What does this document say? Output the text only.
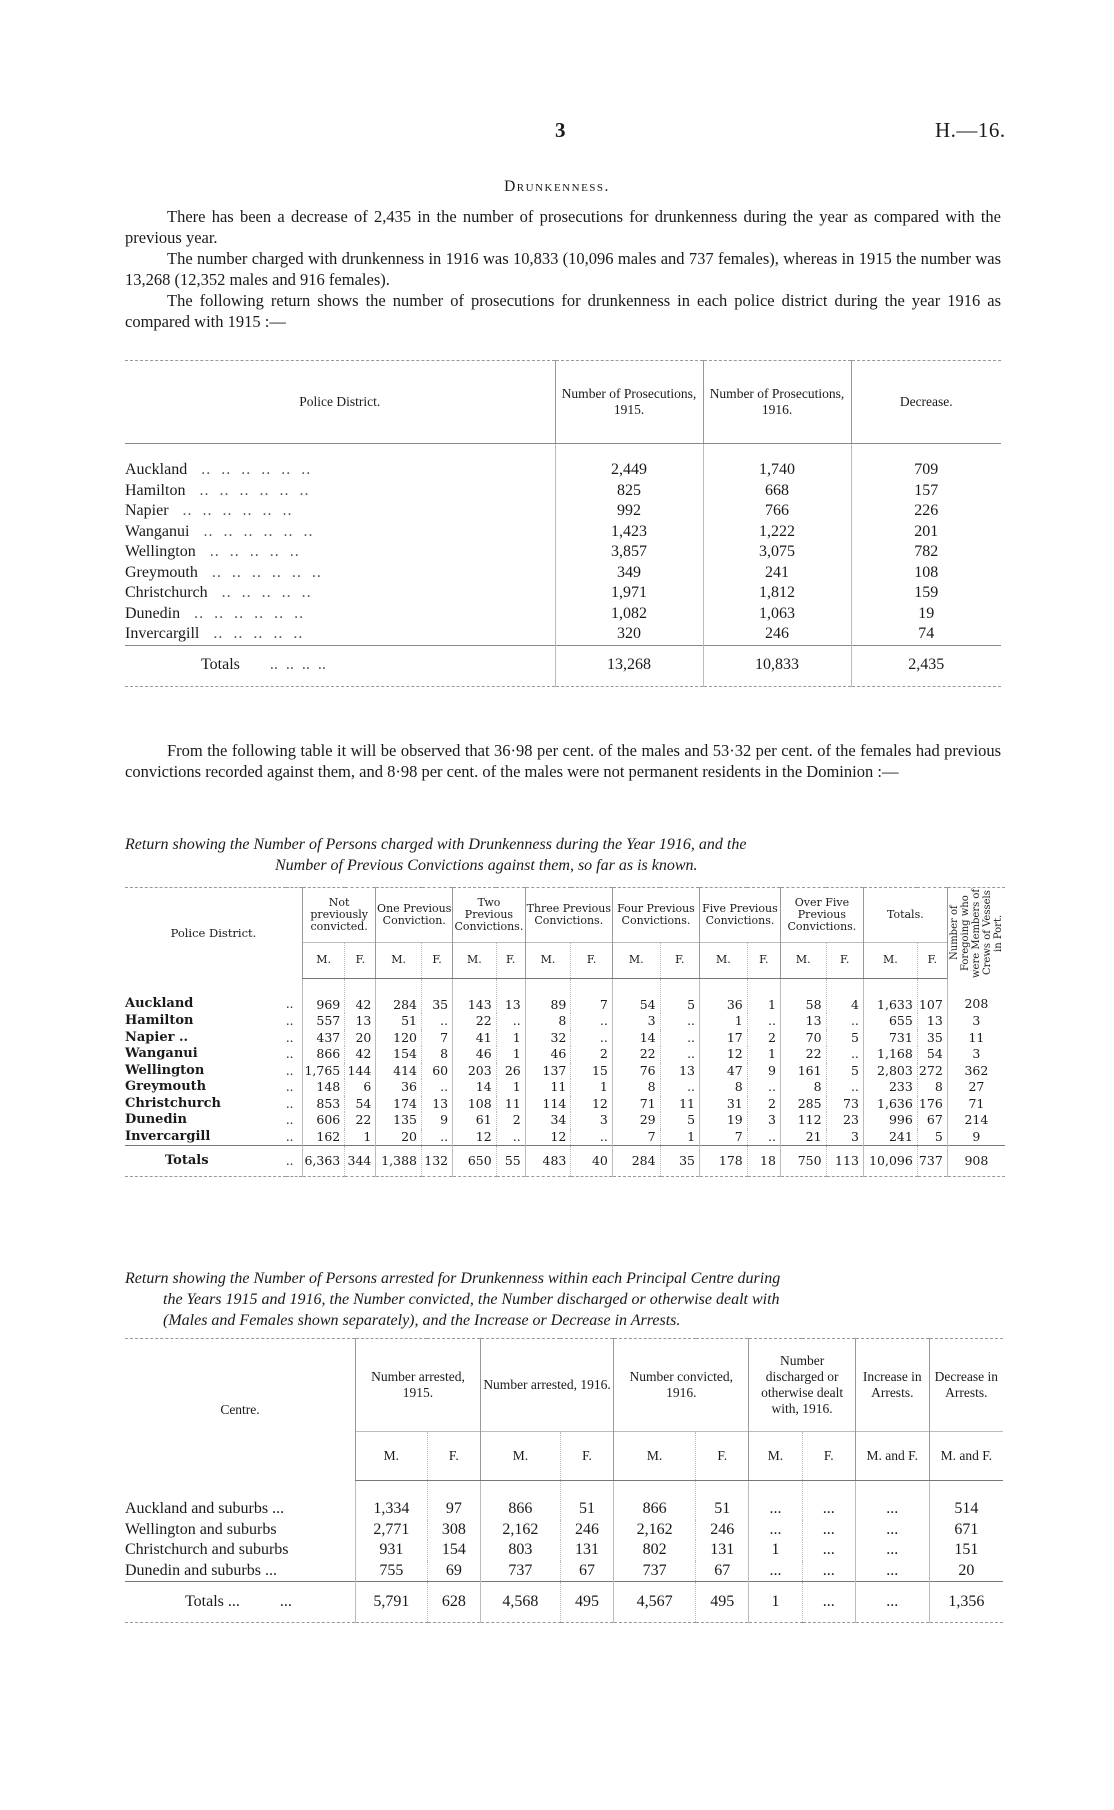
3	H.—16.
Drunkenness.

There has been a decrease of 2,435 in the number of prosecutions for drunkenness during the year as compared with the previous year.

The number charged with drunkenness in 1916 was 10,833 (10,096 males and 737 females), whereas in 1915 the number was 13,268 (12,352 males and 916 females).

The following return shows the number of prosecutions for drunkenness in each police district during the year 1916 as compared with 1915 :—

Police District.	Number of Prosecutions, 1915.	Number of Prosecutions, 1916.	Decrease.
Auckland ..  ..  ..  ..  ..  ..	2,449	1,740	709
Hamilton ..  ..  ..  ..  ..  ..	825	668	157
Napier ..  ..  ..  ..  ..  ..	992	766	226
Wanganui ..  ..  ..  ..  ..  ..	1,423	1,222	201
Wellington ..  ..  ..  ..  ..	3,857	3,075	782
Greymouth ..  ..  ..  ..  ..  ..	349	241	108
Christchurch ..  ..  ..  ..  ..	1,971	1,812	159
Dunedin ..  ..  ..  ..  ..  ..	1,082	1,063	19
Invercargill ..  ..  ..  ..  ..	320	246	74
Totals ..  ..  ..  ..	13,268	10,833	2,435

From the following table it will be observed that 36·98 per cent. of the males and 53·32 per cent. of the females had previous convictions recorded against them, and 8·98 per cent. of the males were not permanent residents in the Dominion :—

Return showing the Number of Persons charged with Drunkenness during the Year 1916, and the
Number of Previous Convictions against them, so far as is known.
Police District.		Not previously convicted.		One Previous Conviction.		Two Previous Convictions.		Three Previous Convictions.		Four Previous Convictions.		Five Previous Convictions.		Over Five Previous Convictions.		Totals.		Number of Foregoing who were Members of Crews of Vessels in Port.

		M.	F.	M.	F.	M.	F.	M.	F.	M.	F.	M.	F.	M.	F.	M.	F.	
Auckland	..	969	42	284	35	143	13	89	7	54	5	36	1	58	4	1,633	107	208
Hamilton	..	557	13	51	..	22	..	8	..	3	..	1	..	13	..	655	13	3
Napier ..	..	437	20	120	7	41	1	32	..	14	..	17	2	70	5	731	35	11
Wanganui	..	866	42	154	8	46	1	46	2	22	..	12	1	22	..	1,168	54	3
Wellington	..	1,765	144	414	60	203	26	137	15	76	13	47	9	161	5	2,803	272	362
Greymouth	..	148	6	36	..	14	1	11	1	8	..	8	..	8	..	233	8	27
Christchurch	..	853	54	174	13	108	11	114	12	71	11	31	2	285	73	1,636	176	71
Dunedin	..	606	22	135	9	61	2	34	3	29	5	19	3	112	23	996	67	214
Invercargill	..	162	1	20	..	12	..	12	..	7	1	7	..	21	3	241	5	9
Totals	..	6,363	344	1,388	132	650	55	483	40	284	35	178	18	750	113	10,096	737	908
Return showing the Number of Persons arrested for Drunkenness within each Principal Centre during
the Years 1915 and 1916, the Number convicted, the Number discharged or otherwise dealt with
(Males and Females shown separately), and the Increase or Decrease in Arrests.
Centre.	Number arrested, 1915.		Number arrested, 1916.		Number convicted, 1916.		Number discharged or otherwise dealt with, 1916.		Increase in Arrests.	Decrease in Arrests.
	M.	F.	M.	F.	M.	F.	M.	F.	M. and F.	M. and F.
Auckland and suburbs ...	1,334	97	866	51	866	51	...	...	...	514
Wellington and suburbs	2,771	308	2,162	246	2,162	246	...	...	...	671
Christchurch and suburbs	931	154	803	131	802	131	1	...	...	151
Dunedin and suburbs ...	755	69	737	67	737	67	...	...	...	20
Totals ...          ...	5,791	628	4,568	495	4,567	495	1	...	...	1,356
